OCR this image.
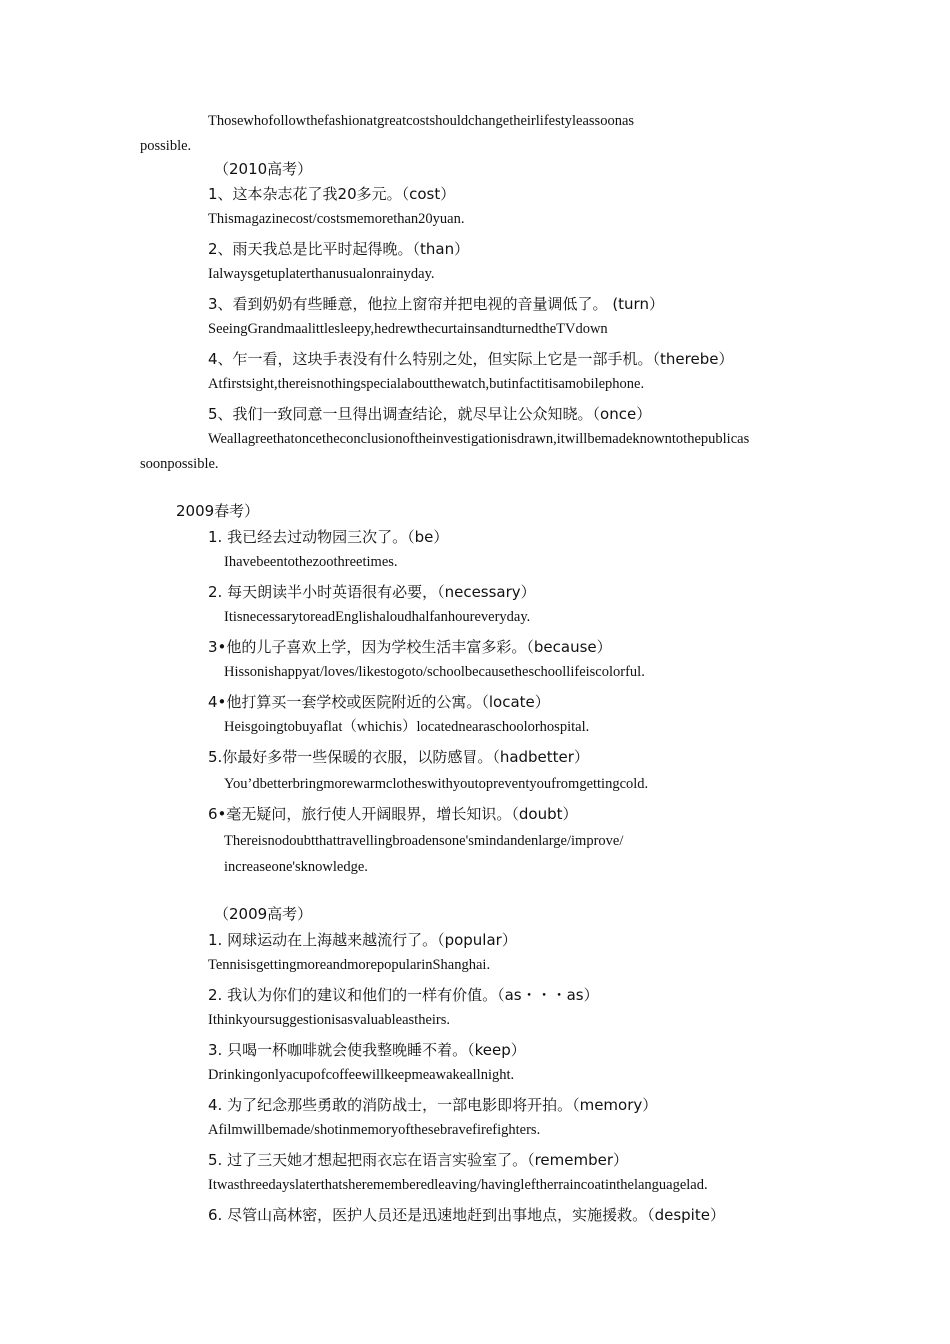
Thosewhofollowthefashionatgreatcostshouldchangetheirlifestyleassoonas
possible.
（2010高考）
1、这本杂志花了我20多元。（cost）
Thismagazinecost/costsmemorethan20yuan.
2、雨天我总是比平时起得晚。（than）
Ialwaysgetuplaterthanusualonrainyday.
3、看到奶奶有些睡意，他拉上窗帘并把电视的音量调低了。 (turn）
SeeingGrandmaalittlesleepy,hedrewthecurtainsandturnedtheTVdown
4、乍一看，这块手表没有什么特别之处，但实际上它是一部手机。（therebe）
Atfirstsight,thereisnothingspecialaboutthewatch,butinfactitisamobilephone.
5、我们一致同意一旦得出调查结论，就尽早让公众知晓。（once）
Weallagreethatoncetheconclusionoftheinvestigationisdrawn,itwillbemadeknowntothepublicas
soonpossible.
2009春考）
1. 我已经去过动物园三次了。（be）
Ihavebeentothezoothreetimes.
2. 每天朗读半小时英语很有必要，（necessary）
ItisnecessarytoreadEnglishaloudhalfanhoureveryday.
3•他的儿子喜欢上学，因为学校生活丰富多彩。（because）
Hissonishappyat/loves/likestogoto/schoolbecausetheschoollifeiscolorful.
4•他打算买一套学校或医院附近的公寓。（locate）
Heisgoingtobuyaflat（whichis）locatednearaschoolorhospital.
5.你最好多带一些保暖的衣服，以防感冒。（hadbetter）
You’dbetterbringmorewarmclotheswithyoutopreventyoufromgettingcold.
6•毫无疑问，旅行使人开阔眼界，增长知识。（doubt）
Thereisnodoubtthattravellingbroadensone'smindandenlarge/improve/
increaseone'sknowledge.
（2009高考）
1. 网球运动在上海越来越流行了。（popular）
TennisisgettingmoreandmorepopularinShanghai.
2. 我认为你们的建议和他们的一样有价值。（as・・・as）
Ithinkyoursuggestionisasvaluableastheirs.
3. 只喝一杯咖啡就会使我整晚睡不着。（keep）
Drinkingonlyacupofcoffeewillkeepmeawakeallnight.
4. 为了纪念那些勇敢的消防战士，一部电影即将开拍。（memory）
Afilmwillbemade/shotinmemoryofthesebravefirefighters.
5. 过了三天她才想起把雨衣忘在语言实验室了。（remember）
Itwasthreedayslaterthatsherememberedleaving/havingleftherraincoatinthelanguagelad.
6. 尽管山高林密，医护人员还是迅速地赶到出事地点，实施援救。（despite）
